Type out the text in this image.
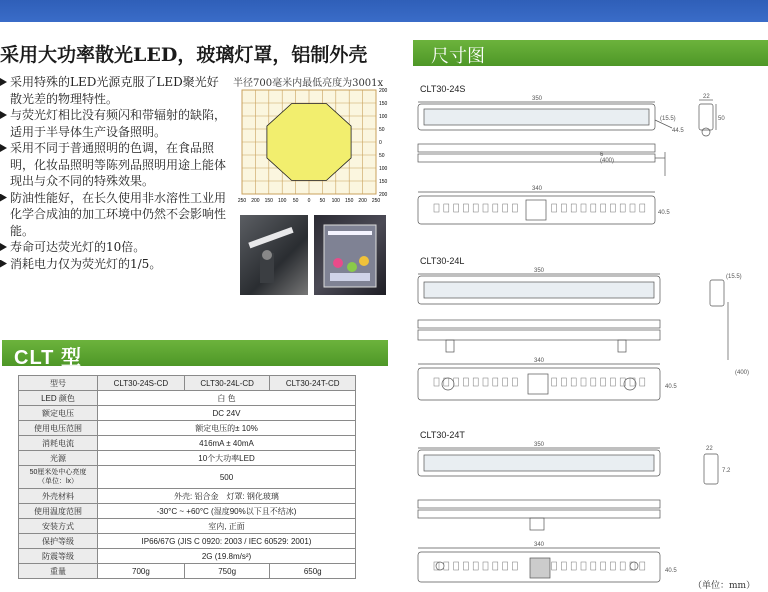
采用大功率散光LED，玻璃灯罩，铝制外壳
采用特殊的LED光源克服了LED聚光好散光差的物理特性。
与荧光灯相比没有频闪和带辐射的缺陷，适用于半导体生产设备照明。
采用不同于普通照明的色调，在食品照明，化妆品照明等陈列品照明用途上能体现出与众不同的特殊效果。
防油性能好，在长久使用非水溶性工业用化学合成油的加工环境中仍然不会影响性能。
寿命可达荧光灯的10倍。
消耗电力仅为荧光灯的1/5。
半径700毫米内最低亮度为3001x
250 200 150 100 50 0 50 100 150 200 250
200
150
100
50
0
50
100
150
200
CLT 型
型号	CLT30-24S-CD	CLT30-24L-CD	CLT30-24T-CD
LED 颜色	白 色		
额定电压	DC 24V		
使用电压范围	额定电压的± 10%		
消耗电流	416mA ± 40mA		
光源	10个大功率LED		
50厘米处中心亮度
（单位：lx）	500		
外壳材料	外壳: 铝合金　灯罩: 钢化玻璃		
使用温度范围	-30°C ~ +60°C (湿度90%以下且不结冰)		
安装方式	室内, 正面		
保护等级	IP66/67G (JIS C 0920: 2003 / IEC 60529: 2001)		
防震等级	2G (19.8m/s²)		
重量	700g	750g	650g
尺寸图
CLT30-24S
CLT30-24L
CLT30-24T
350
340
(15.5)
44.5
6
(400)
22
50
40.5
350
340
(15.5)
(400)
40.5
350
340
22
7.2
40.5
（单位：mm）
